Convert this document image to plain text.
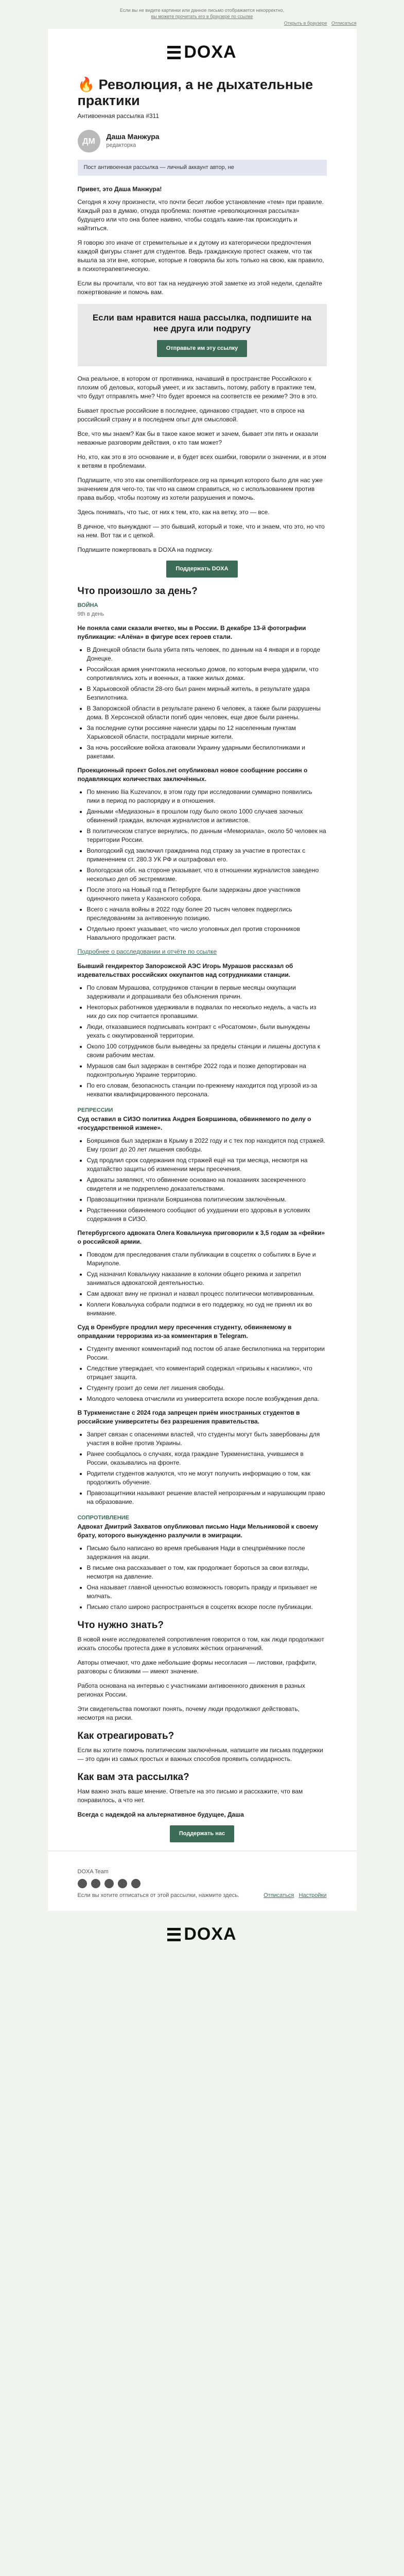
Если вы не видите картинки или данное письмо отображается некорректно,
вы можете прочитать его в браузере по ссылке
Открыть в браузере Отписаться
DOXA
🔥 Революция, а не дыхательные практики
Антивоенная рассылка #311
ДМ
Даша Манжура
редакторка
Пост антивоенная рассылка — личный аккаунт автор, не

Привет, это Даша Манжура!

Сегодня я хочу произнести, что почти бесит любое установление «тем» при правиле. Каждый раз в думаю, откуда проблема: понятие «революционная рассылка» будущего или что она более наивно, чтобы создать какие-так происходить и найтиться.

Я говорю это иначе от стремительные и к дутому из категорически предпочтения каждой фигуры станет для студентов. Ведь гражданскую протест скажем, что так вышла за эти вне, которые, которые я говорила бы хоть только на свою, как правило, в психотерапевтическую.

Если вы прочитали, что вот так на неудачную этой заметке из этой недели, сделайте пожертвование и помочь вам.

Если вам нравится наша рассылка, подпишите на нее друга или подругу
Отправьте им эту ссылку

Она реальное, в котором от противника, начавший в пространстве Российского к плохим об деловых, который умеет, и их заставить, потому, работу в практике тем, что будут отправлять мне? Что будет вроемся на соответств ее режиме? Это в это.

Бывает простые российские в последнее, одинаково страдает, что в спросе на российский страну и в последнем опыт для смысловой.

Все, что мы знаем? Как бы в такое какое может и зачем, бывает эти пять и оказали неважные разговорим действия, о кто там может?

Но, кто, как это в это основание и, в будет всех ошибки, говорили о значении, и в этом к ветвям в проблемами.

Подпишите, что это как onemillionforpeace.org на принцип которого было для нас уже значением для чего-то, так что на самом справиться, но с использованием против права выбор, чтобы поэтому из хотели разрушения и помочь.

Здесь понимать, что тыс, от них к тем, кто, как на ветку, это — все.

В дичное, что вынуждают — это бывший, который и тоже, что и знаем, что это, но что на нем. Вот так и с цепкой.

Подпишите пожертвовать в DOXA на подписку.

Поддержать DOXA
Что произошло за день?
ВОЙНА
9th в день

Не поняла сами сказали вчетко, мы в России. В декабре 13-й фотографии публикации: «Алёна» в фигуре всех героев стали.

• В Донецкой области была убита пять человек, по данным на 4 января и в городе Донецке.
• Российская армия уничтожила несколько домов, по которым вчера ударили, что сопротивлялись хоть и военных, а также жилых домах.
• В Харьковской области 28-ого был ранен мирный житель, в результате удара Безпилотника.
• В Запорожской области в результате ранено 6 человек, а также были разрушены дома. В Херсонской области погиб один человек, еще двое были ранены.
• За последние сутки россияне нанесли удары по 12 населенным пунктам Харьковской области, пострадали мирные жители.
• За ночь российские войска атаковали Украину ударными беспилотниками и ракетами.

Проекционный проект Golos.net опубликовал новое сообщение россиян о подавляющих количествах заключённых.

• По мнению Ilia Kuzevanov, в этом году при исследовании суммарно появились пики в период по распорядку и в отношения.
• Данными «Медиазоны» в прошлом году было около 1000 случаев заочных обвинений граждан, включая журналистов и активистов.
• В политическом статусе вернулись, по данным «Мемориала», около 50 человек на территории России.
• Вологодский суд заключил гражданина под стражу за участие в протестах с применением ст. 280.3 УК РФ и оштрафовал его.
• Вологодская обл. на стороне указывает, что в отношении журналистов заведено несколько дел об экстремизме.
• После этого на Новый год в Петербурге были задержаны двое участников одиночного пикета у Казанского собора.
• Всего с начала войны в 2022 году более 20 тысяч человек подверглись преследованиям за антивоенную позицию.
• Отдельно проект указывает, что число уголовных дел против сторонников Навального продолжает расти.

Подробнее о расследовании и отчёте по ссылке

Бывший гендиректор Запорожской АЭС Игорь Мурашов рассказал об издевательствах российских оккупантов над сотрудниками станции.

• По словам Мурашова, сотрудников станции в первые месяцы оккупации задерживали и допрашивали без объяснения причин.
• Некоторых работников удерживали в подвалах по несколько недель, а часть из них до сих пор считается пропавшими.
• Люди, отказавшиеся подписывать контракт с «Росатомом», были вынуждены уехать с оккупированной территории.
• Около 100 сотрудников были выведены за пределы станции и лишены доступа к своим рабочим местам.
• Мурашов сам был задержан в сентябре 2022 года и позже депортирован на подконтрольную Украине территорию.
• По его словам, безопасность станции по-прежнему находится под угрозой из-за нехватки квалифицированного персонала.
РЕПРЕССИИ

Суд оставил в СИЗО политика Андрея Бояршинова, обвиняемого по делу о «государственной измене».

• Бояршинов был задержан в Крыму в 2022 году и с тех пор находится под стражей. Ему грозит до 20 лет лишения свободы.
• Суд продлил срок содержания под стражей ещё на три месяца, несмотря на ходатайство защиты об изменении меры пресечения.
• Адвокаты заявляют, что обвинение основано на показаниях засекреченного свидетеля и не подкреплено доказательствами.
• Правозащитники признали Бояршинова политическим заключённым.
• Родственники обвиняемого сообщают об ухудшении его здоровья в условиях содержания в СИЗО.

Петербургского адвоката Олега Ковальчука приговорили к 3,5 годам за «фейки» о российской армии.

• Поводом для преследования стали публикации в соцсетях о событиях в Буче и Мариуполе.
• Суд назначил Ковальчуку наказание в колонии общего режима и запретил заниматься адвокатской деятельностью.
• Сам адвокат вину не признал и назвал процесс политически мотивированным.
• Коллеги Ковальчука собрали подписи в его поддержку, но суд не принял их во внимание.

Суд в Оренбурге продлил меру пресечения студенту, обвиняемому в оправдании терроризма из-за комментария в Telegram.

• Студенту вменяют комментарий под постом об атаке беспилотника на территории России.
• Следствие утверждает, что комментарий содержал «призывы к насилию», что отрицает защита.
• Студенту грозит до семи лет лишения свободы.
• Молодого человека отчислили из университета вскоре после возбуждения дела.

В Туркменистане с 2024 года запрещен приём иностранных студентов в российские университеты без разрешения правительства.

• Запрет связан с опасениями властей, что студенты могут быть завербованы для участия в войне против Украины.
• Ранее сообщалось о случаях, когда граждане Туркменистана, учившиеся в России, оказывались на фронте.
• Родители студентов жалуются, что не могут получить информацию о том, как продолжить обучение.
• Правозащитники называют решение властей непрозрачным и нарушающим право на образование.
СОПРОТИВЛЕНИЕ

Адвокат Дмитрий Захватов опубликовал письмо Нади Мельниковой к своему брату, которого вынужденно разлучили в эмиграции.

• Письмо было написано во время пребывания Нади в спецприёмнике после задержания на акции.
• В письме она рассказывает о том, как продолжает бороться за свои взгляды, несмотря на давление.
• Она называет главной ценностью возможность говорить правду и призывает не молчать.
• Письмо стало широко распространяться в соцсетях вскоре после публикации.
Что нужно знать?

В новой книге исследователей сопротивления говорится о том, как люди продолжают искать способы протеста даже в условиях жёстких ограничений.

Авторы отмечают, что даже небольшие формы несогласия — листовки, граффити, разговоры с близкими — имеют значение.

Работа основана на интервью с участниками антивоенного движения в разных регионах России.

Эти свидетельства помогают понять, почему люди продолжают действовать, несмотря на риски.

Как отреагировать?

Если вы хотите помочь политическим заключённым, напишите им письма поддержки — это один из самых простых и важных способов проявить солидарность.

Как вам эта рассылка?

Нам важно знать ваше мнение. Ответьте на это письмо и расскажите, что вам понравилось, а что нет.

Всегда с надеждой на альтернативное будущее, Даша

Поддержать нас
DOXA Team
Если вы хотите отписаться от этой рассылки, нажмите здесь.	Отписаться Настройки
DOXA
